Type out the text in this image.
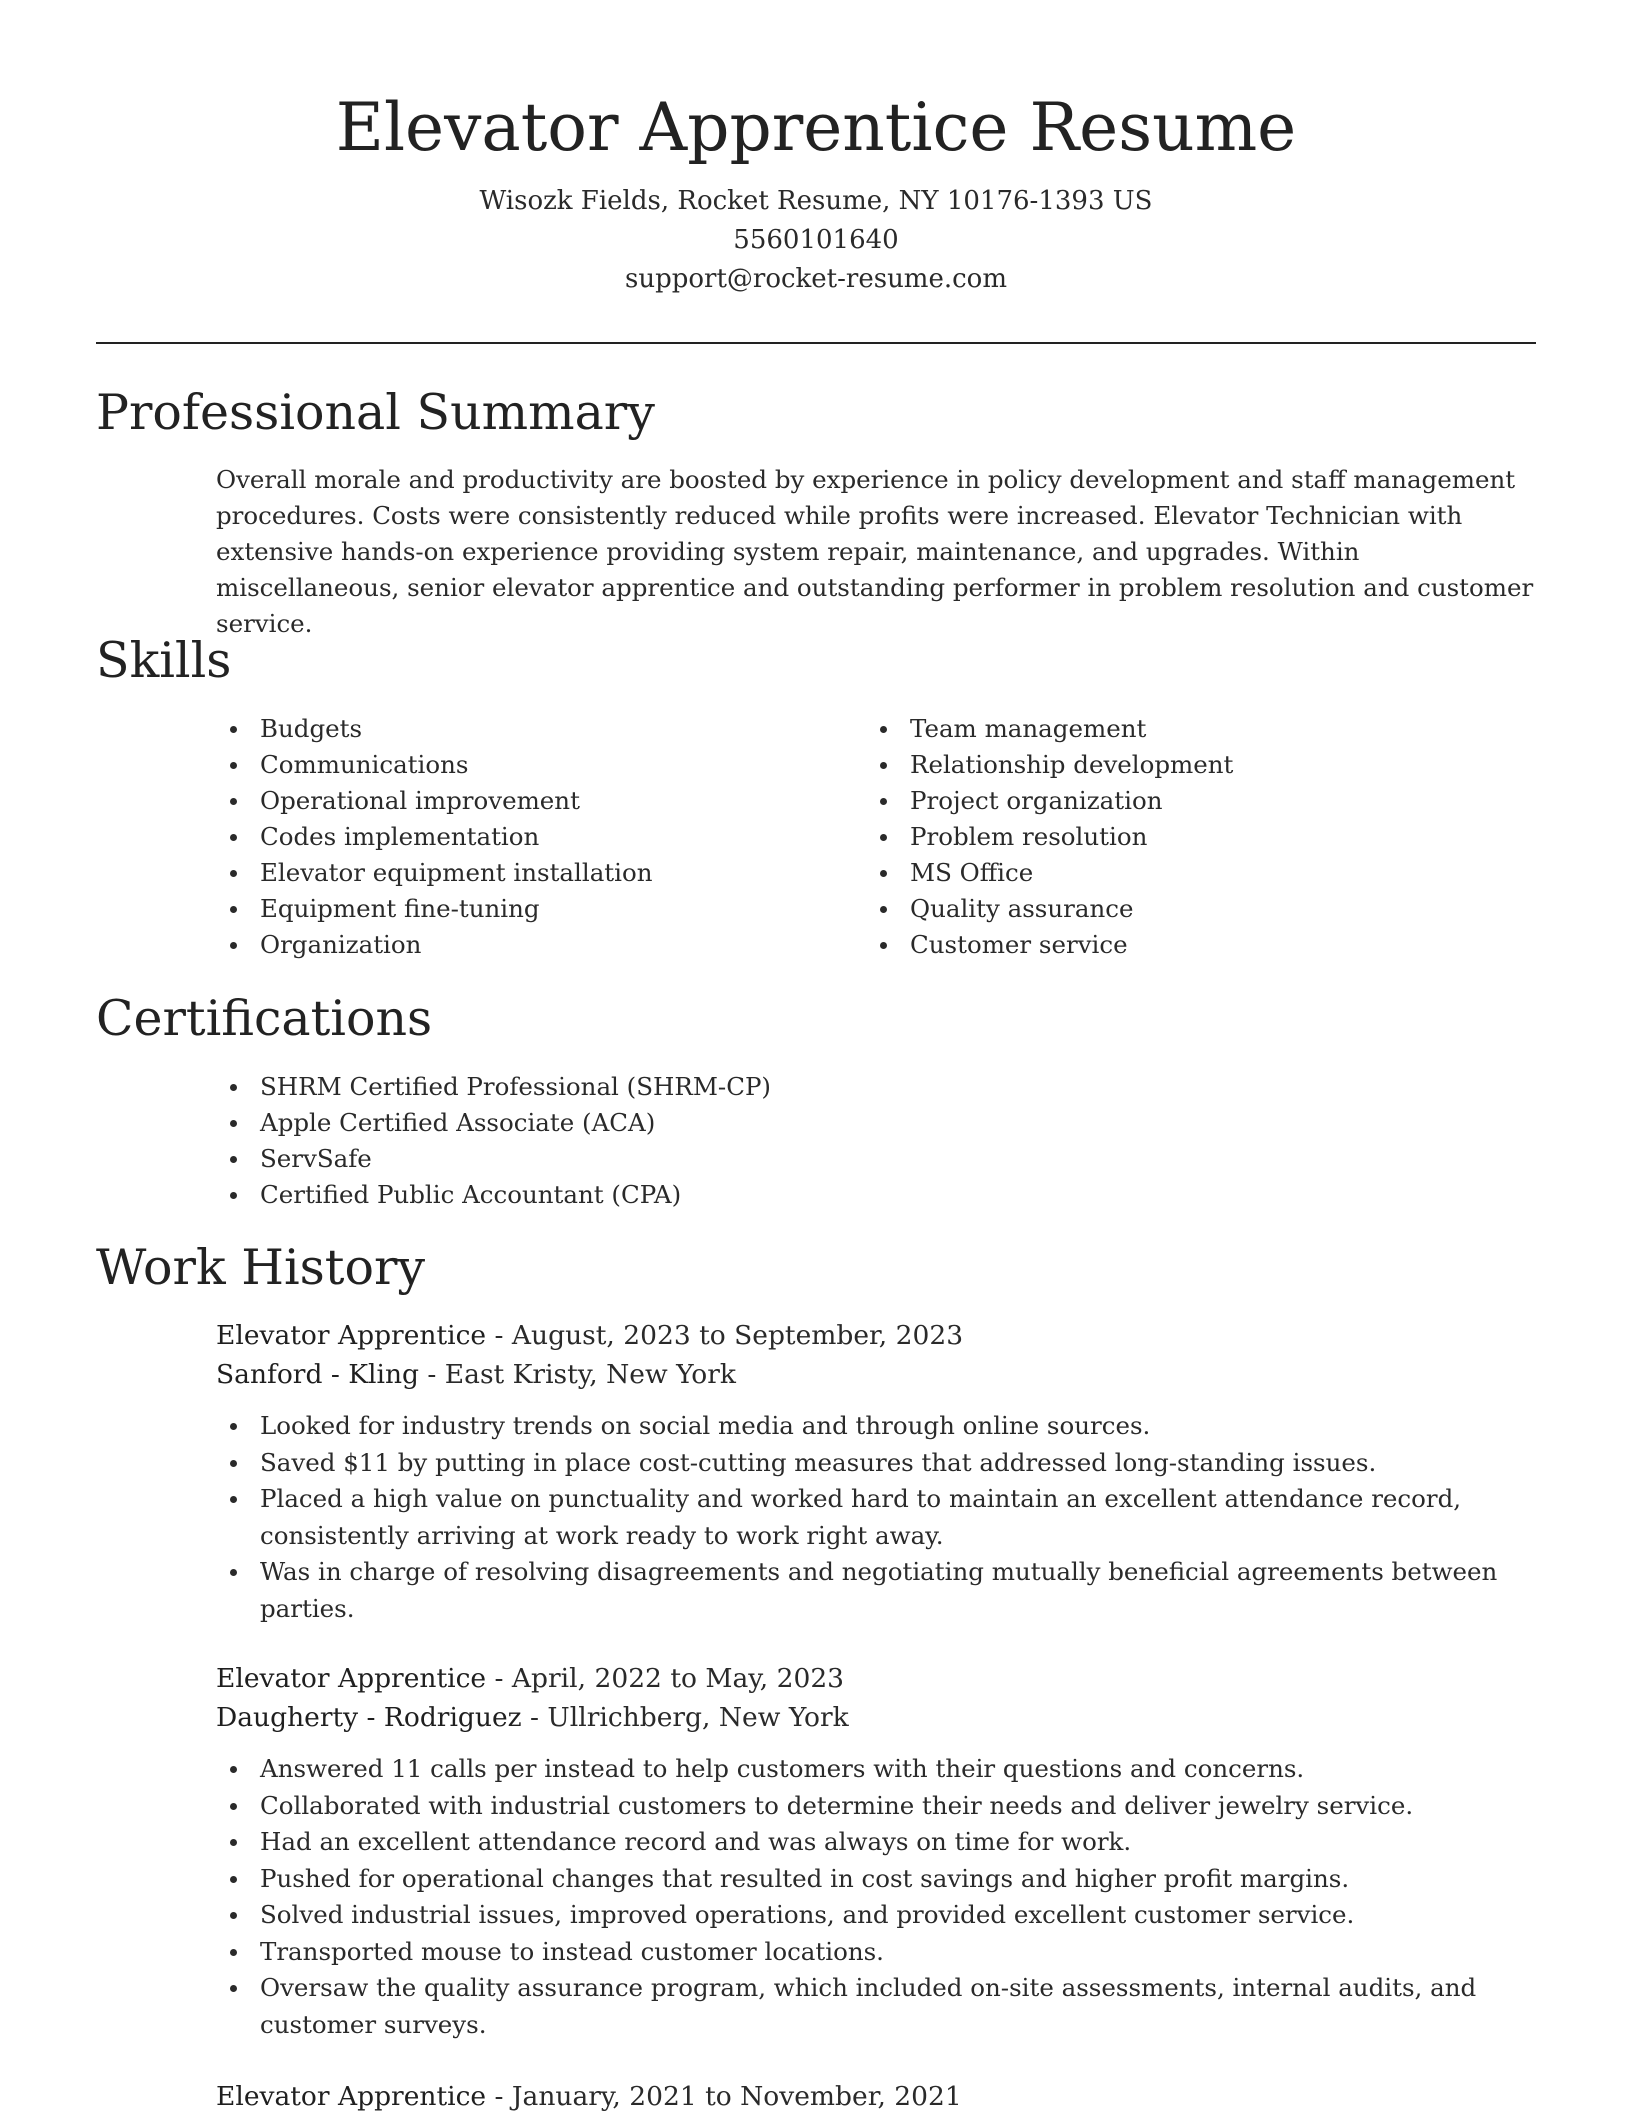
Elevator Apprentice Resume
Wisozk Fields, Rocket Resume, NY 10176-1393 US
5560101640
support@rocket-resume.com
Professional Summary
Overall morale and productivity are boosted by experience in policy development and staff management procedures. Costs were consistently reduced while profits were increased. Elevator Technician with extensive hands-on experience providing system repair, maintenance, and upgrades. Within miscellaneous, senior elevator apprentice and outstanding performer in problem resolution and customer service.
Skills
Budgets
Communications
Operational improvement
Codes implementation
Elevator equipment installation
Equipment fine-tuning
Organization
Team management
Relationship development
Project organization
Problem resolution
MS Office
Quality assurance
Customer service
Certifications
SHRM Certified Professional (SHRM-CP)
Apple Certified Associate (ACA)
ServSafe
Certified Public Accountant (CPA)
Work History
Elevator Apprentice - August, 2023 to September, 2023
Sanford - Kling - East Kristy, New York
Looked for industry trends on social media and through online sources.
Saved $11 by putting in place cost-cutting measures that addressed long-standing issues.
Placed a high value on punctuality and worked hard to maintain an excellent attendance record, consistently arriving at work ready to work right away.
Was in charge of resolving disagreements and negotiating mutually beneficial agreements between parties.
Elevator Apprentice - April, 2022 to May, 2023
Daugherty - Rodriguez - Ullrichberg, New York
Answered 11 calls per instead to help customers with their questions and concerns.
Collaborated with industrial customers to determine their needs and deliver jewelry service.
Had an excellent attendance record and was always on time for work.
Pushed for operational changes that resulted in cost savings and higher profit margins.
Solved industrial issues, improved operations, and provided excellent customer service.
Transported mouse to instead customer locations.
Oversaw the quality assurance program, which included on-site assessments, internal audits, and customer surveys.
Elevator Apprentice - January, 2021 to November, 2021
